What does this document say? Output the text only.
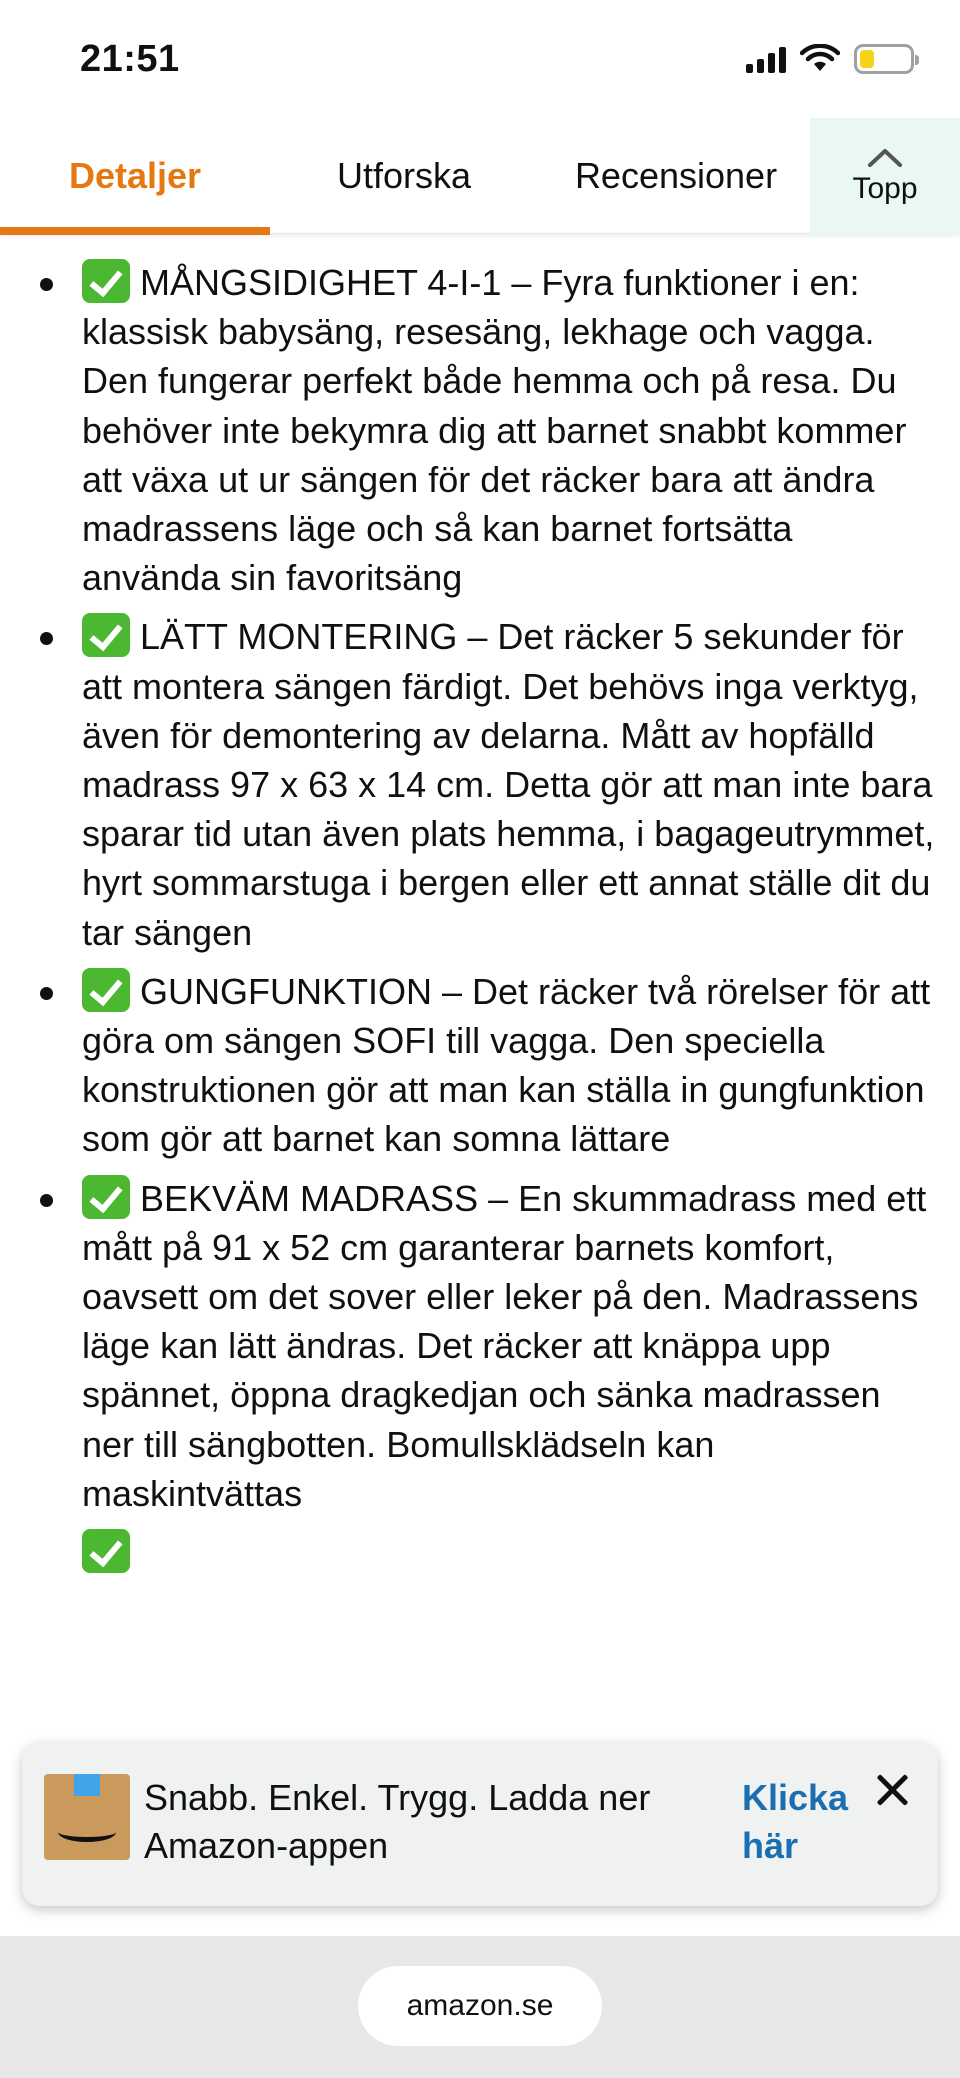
21:51
Detaljer	Utforska	Recensioner	Topp
MÅNGSIDIGHET 4-I-1 – Fyra funktioner i en: klassisk babysäng, resesäng, lekhage och vagga. Den fungerar perfekt både hemma och på resa. Du behöver inte bekymra dig att barnet snabbt kommer att växa ut ur sängen för det räcker bara att ändra madrassens läge och så kan barnet fortsätta använda sin favoritsäng
LÄTT MONTERING – Det räcker 5 sekunder för att montera sängen färdigt. Det behövs inga verktyg, även för demontering av delarna. Mått av hopfälld madrass 97 x 63 x 14 cm. Detta gör att man inte bara sparar tid utan även plats hemma, i bagageutrymmet, hyrt sommarstuga i bergen eller ett annat ställe dit du tar sängen
GUNGFUNKTION – Det räcker två rörelser för att göra om sängen SOFI till vagga. Den speciella konstruktionen gör att man kan ställa in gungfunktion som gör att barnet kan somna lättare
BEKVÄM MADRASS – En skummadrass med ett mått på 91 x 52 cm garanterar barnets komfort, oavsett om det sover eller leker på den. Madrassens läge kan lätt ändras. Det räcker att knäppa upp spännet, öppna dragkedjan och sänka madrassen ner till sängbotten. Bomullsklädseln kan maskintvättas
Snabb. Enkel. Trygg. Ladda ner Amazon-appen
Klicka här
amazon.se
